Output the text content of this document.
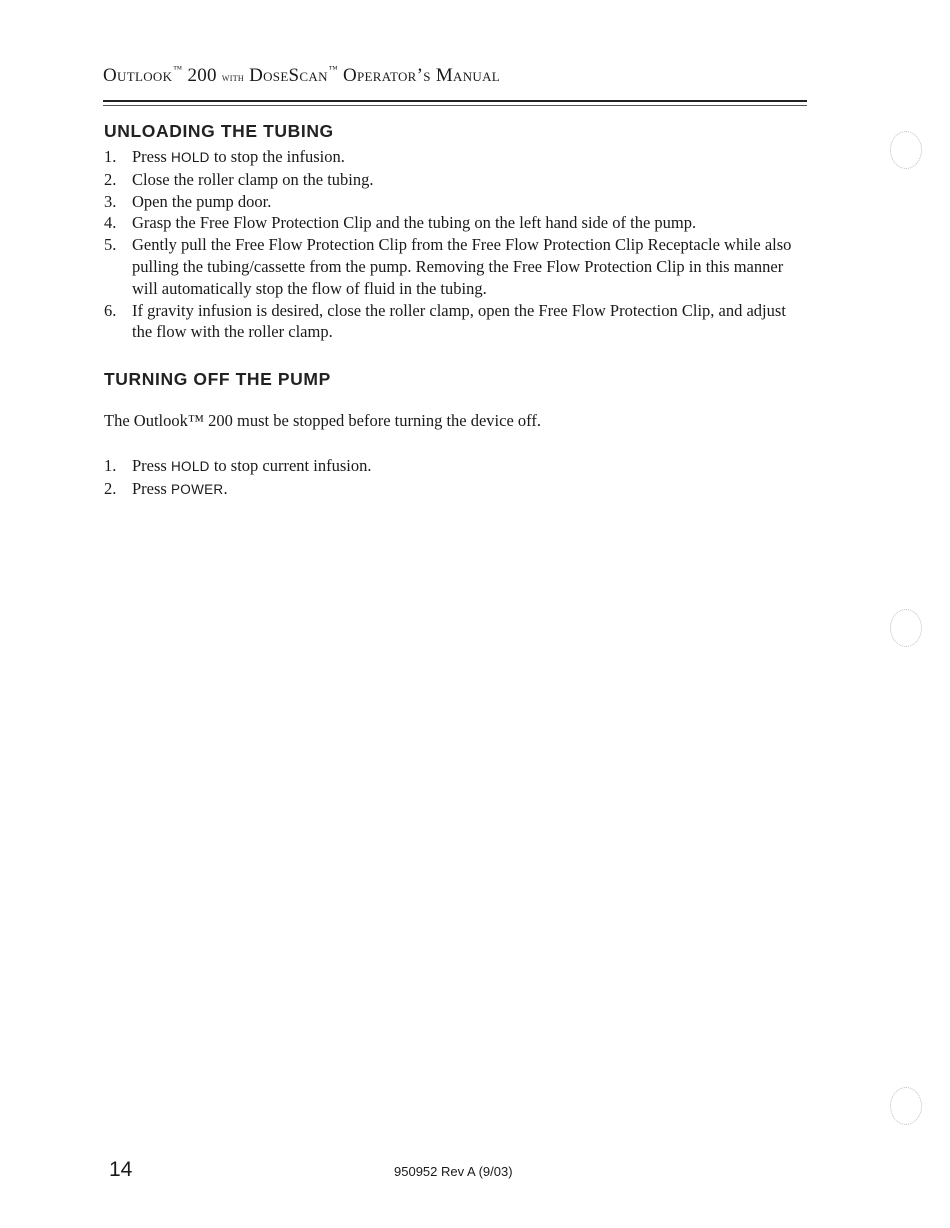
Outlook™ 200 with DoseScan™ Operator’s Manual
UNLOADING THE TUBING
1. Press HOLD to stop the infusion.
2. Close the roller clamp on the tubing.
3. Open the pump door.
4. Grasp the Free Flow Protection Clip and the tubing on the left hand side of the pump.
5. Gently pull the Free Flow Protection Clip from the Free Flow Protection Clip Receptacle while also pulling the tubing/cassette from the pump. Removing the Free Flow Protection Clip in this manner will automatically stop the flow of fluid in the tubing.
6. If gravity infusion is desired, close the roller clamp, open the Free Flow Protection Clip, and adjust the flow with the roller clamp.
TURNING OFF THE PUMP
The Outlook™ 200 must be stopped before turning the device off.
1. Press HOLD to stop current infusion.
2. Press POWER.
14	950952 Rev A (9/03)
